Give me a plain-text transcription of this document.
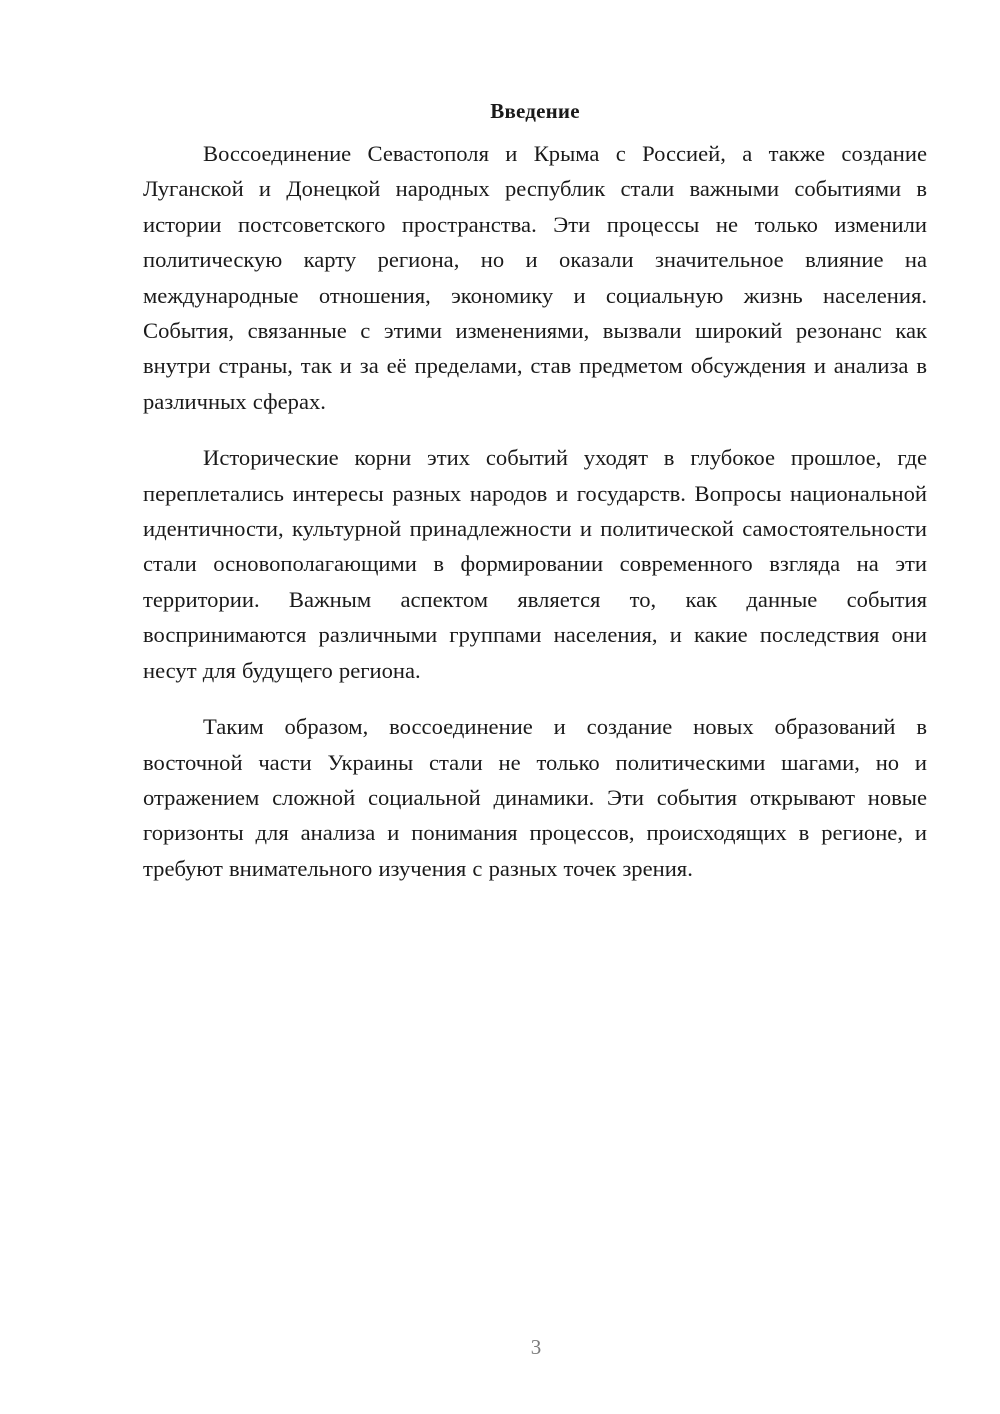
Введение

Воссоединение Севастополя и Крыма с Россией, а также создание Луганской и Донецкой народных республик стали важными событиями в истории постсоветского пространства. Эти процессы не только изменили политическую карту региона, но и оказали значительное влияние на международные отношения, экономику и социальную жизнь населения. События, связанные с этими изменениями, вызвали широкий резонанс как внутри страны, так и за её пределами, став предметом обсуждения и анализа в различных сферах.

Исторические корни этих событий уходят в глубокое прошлое, где переплетались интересы разных народов и государств. Вопросы национальной идентичности, культурной принадлежности и политической самостоятельности стали основополагающими в формировании современного взгляда на эти территории. Важным аспектом является то, как данные события воспринимаются различными группами населения, и какие последствия они несут для будущего региона.

Таким образом, воссоединение и создание новых образований в восточной части Украины стали не только политическими шагами, но и отражением сложной социальной динамики. Эти события открывают новые горизонты для анализа и понимания процессов, происходящих в регионе, и требуют внимательного изучения с разных точек зрения.

3
